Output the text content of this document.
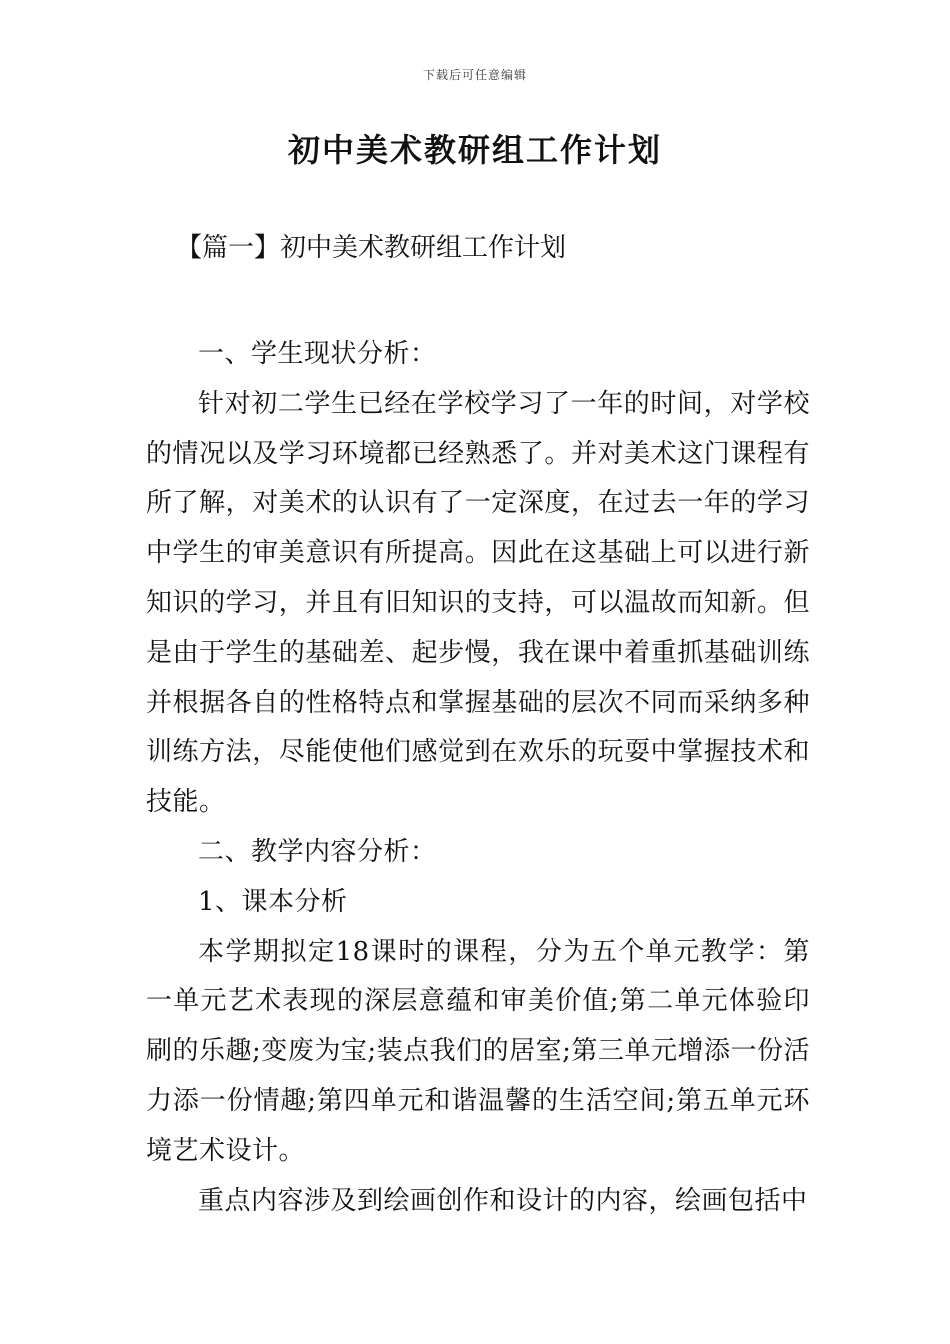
下载后可任意编辑
初中美术教研组工作计划
【篇一】初中美术教研组工作计划

一、学生现状分析：

针对初二学生已经在学校学习了一年的时间，对学校的情况以及学习环境都已经熟悉了。并对美术这门课程有所了解，对美术的认识有了一定深度，在过去一年的学习中学生的审美意识有所提高。因此在这基础上可以进行新知识的学习，并且有旧知识的支持，可以温故而知新。但是由于学生的基础差、起步慢，我在课中着重抓基础训练并根据各自的性格特点和掌握基础的层次不同而采纳多种训练方法，尽能使他们感觉到在欢乐的玩耍中掌握技术和技能。

二、教学内容分析：

1、课本分析

本学期拟定18课时的课程，分为五个单元教学：第一单元艺术表现的深层意蕴和审美价值;第二单元体验印刷的乐趣;变废为宝;装点我们的居室;第三单元增添一份活力添一份情趣;第四单元和谐温馨的生活空间;第五单元环境艺术设计。

重点内容涉及到绘画创作和设计的内容，绘画包括中
